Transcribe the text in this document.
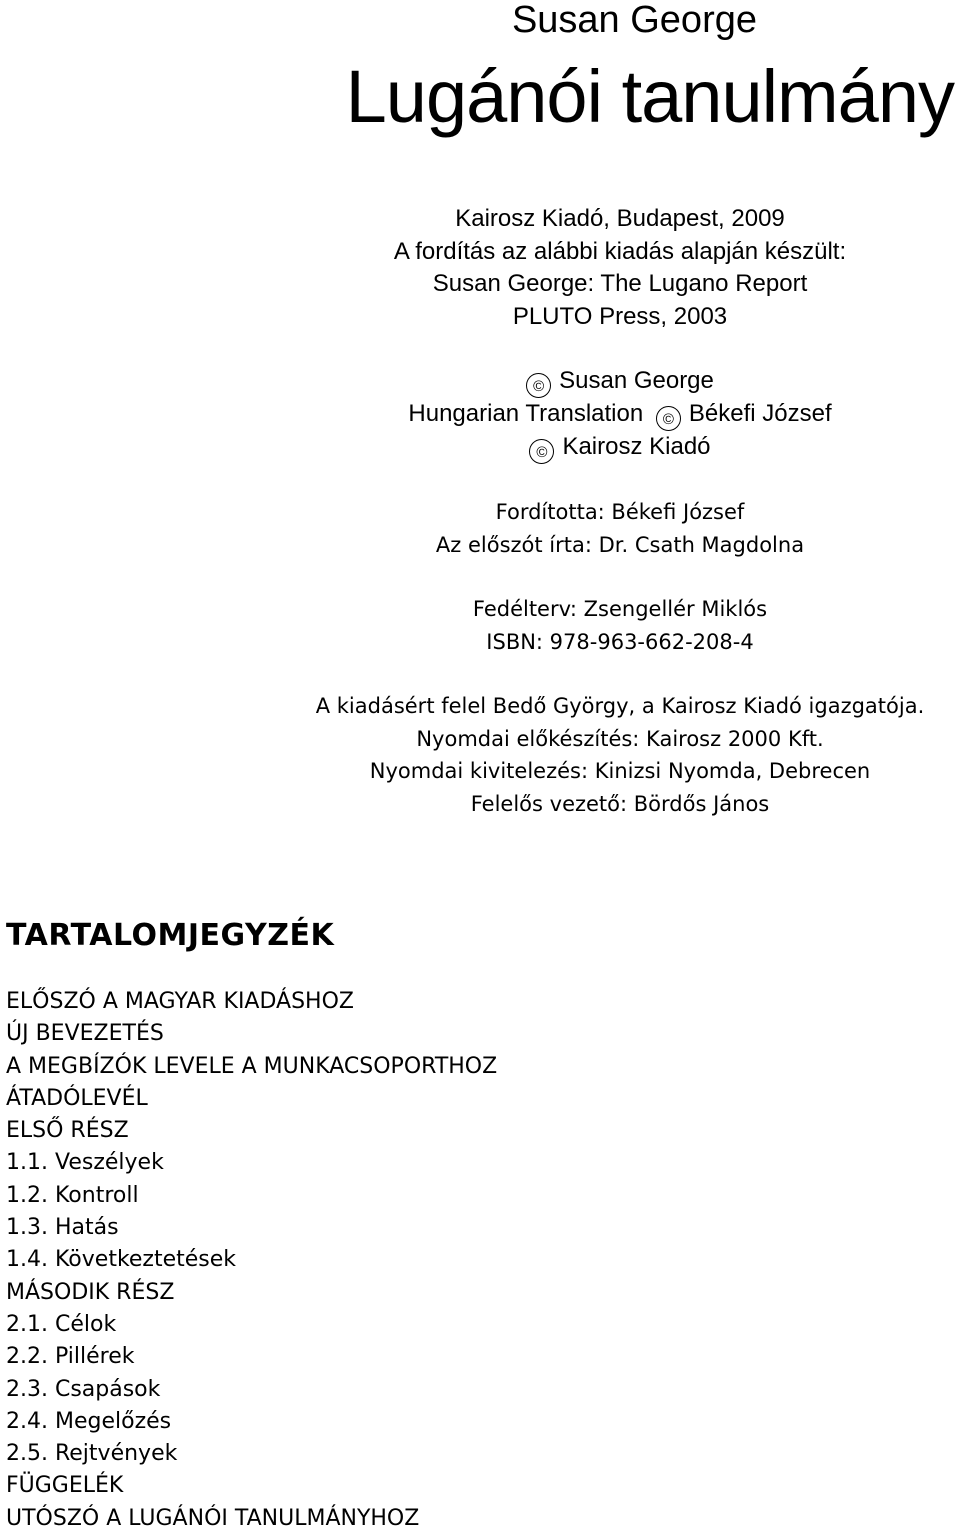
Susan George
Lugánói tanulmány
Kairosz Kiadó, Budapest, 2009
A fordítás az alábbi kiadás alapján készült:
Susan George: The Lugano Report
PLUTO Press, 2003
© Susan George
Hungarian Translation © Békefi József
© Kairosz Kiadó
Fordította: Békefi József
Az előszót írta: Dr. Csath Magdolna
Fedélterv: Zsengellér Miklós
ISBN: 978-963-662-208-4
A kiadásért felel Bedő György, a Kairosz Kiadó igazgatója.
Nyomdai előkészítés: Kairosz 2000 Kft.
Nyomdai kivitelezés: Kinizsi Nyomda, Debrecen
Felelős vezető: Bördős János
TARTALOMJEGYZÉK
ELŐSZÓ A MAGYAR KIADÁSHOZ
ÚJ BEVEZETÉS
A MEGBÍZÓK LEVELE A MUNKACSOPORTHOZ
ÁTADÓLEVÉL
ELSŐ RÉSZ
1.1. Veszélyek
1.2. Kontroll
1.3. Hatás
1.4. Következtetések
MÁSODIK RÉSZ
2.1. Célok
2.2. Pillérek
2.3. Csapások
2.4. Megelőzés
2.5. Rejtvények
FÜGGELÉK
UTÓSZÓ A LUGÁNÓI TANULMÁNYHOZ
